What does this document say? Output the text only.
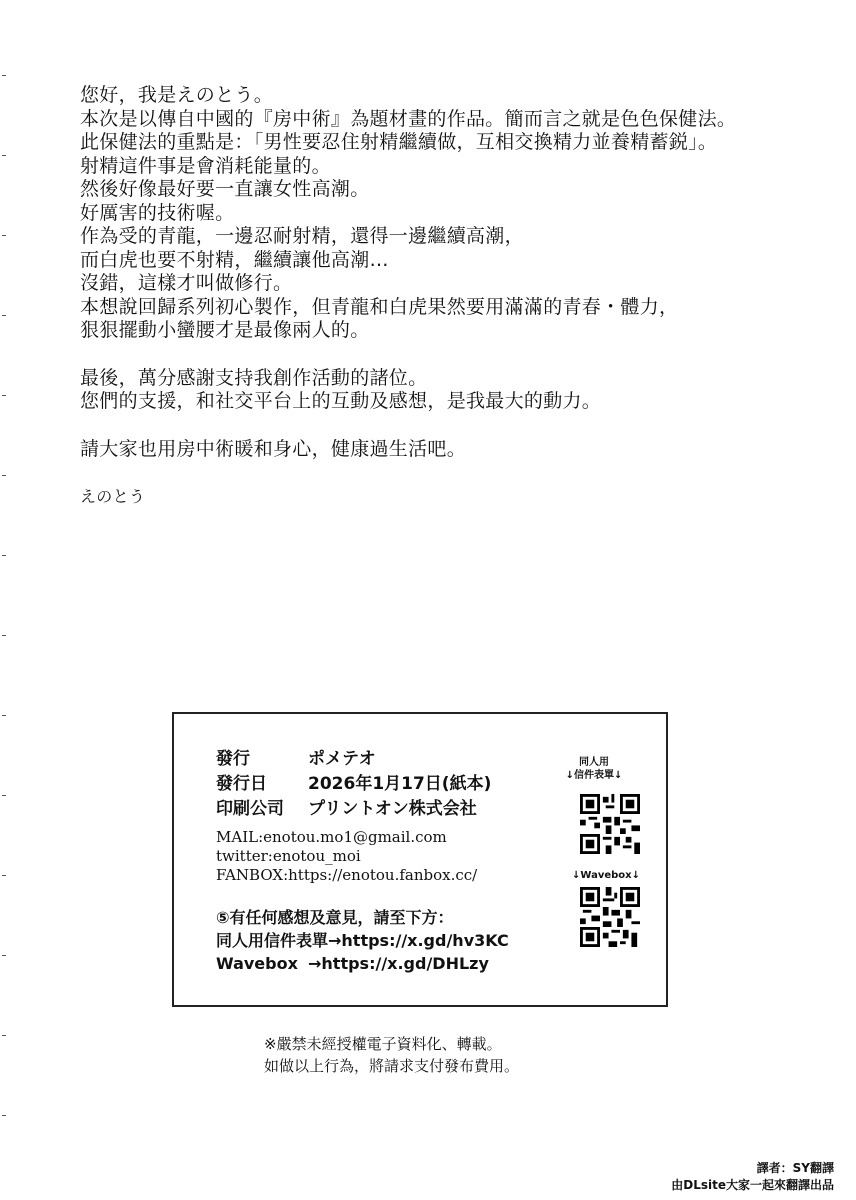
您好，我是えのとう。

本次是以傳自中國的『房中術』為題材畫的作品。簡而言之就是色色保健法。

此保健法的重點是：「男性要忍住射精繼續做，互相交換精力並養精蓄鋭」。

射精這件事是會消耗能量的。

然後好像最好要一直讓女性高潮。

好厲害的技術喔。

作為受的青龍，一邊忍耐射精，還得一邊繼續高潮，

而白虎也要不射精，繼續讓他高潮…

沒錯，這樣才叫做修行。

本想說回歸系列初心製作，但青龍和白虎果然要用滿滿的青春・體力，

狠狠擺動小蠻腰才是最像兩人的。

最後，萬分感謝支持我創作活動的諸位。

您們的支援，和社交平台上的互動及感想，是我最大的動力。

請大家也用房中術暖和身心，健康過生活吧。

えのとう

發行	ポメテオ
發行日 2026年1月17日(紙本)
印刷公司 プリントオン株式会社
MAIL:enotou.mo1@gmail.com
twitter:enotou_moi
FANBOX:https://enotou.fanbox.cc/
⑤有任何感想及意見，請至下方：
同人用信件表單→https://x.gd/hv3KC
Wavebox →https://x.gd/DHLzy
同人用
↓信件表單↓
↓Wavebox↓
※嚴禁未經授權電子資料化、轉載。
如做以上行為，將請求支付發布費用。
譯者：SY翻譯
由DLsite大家一起來翻譯出品
